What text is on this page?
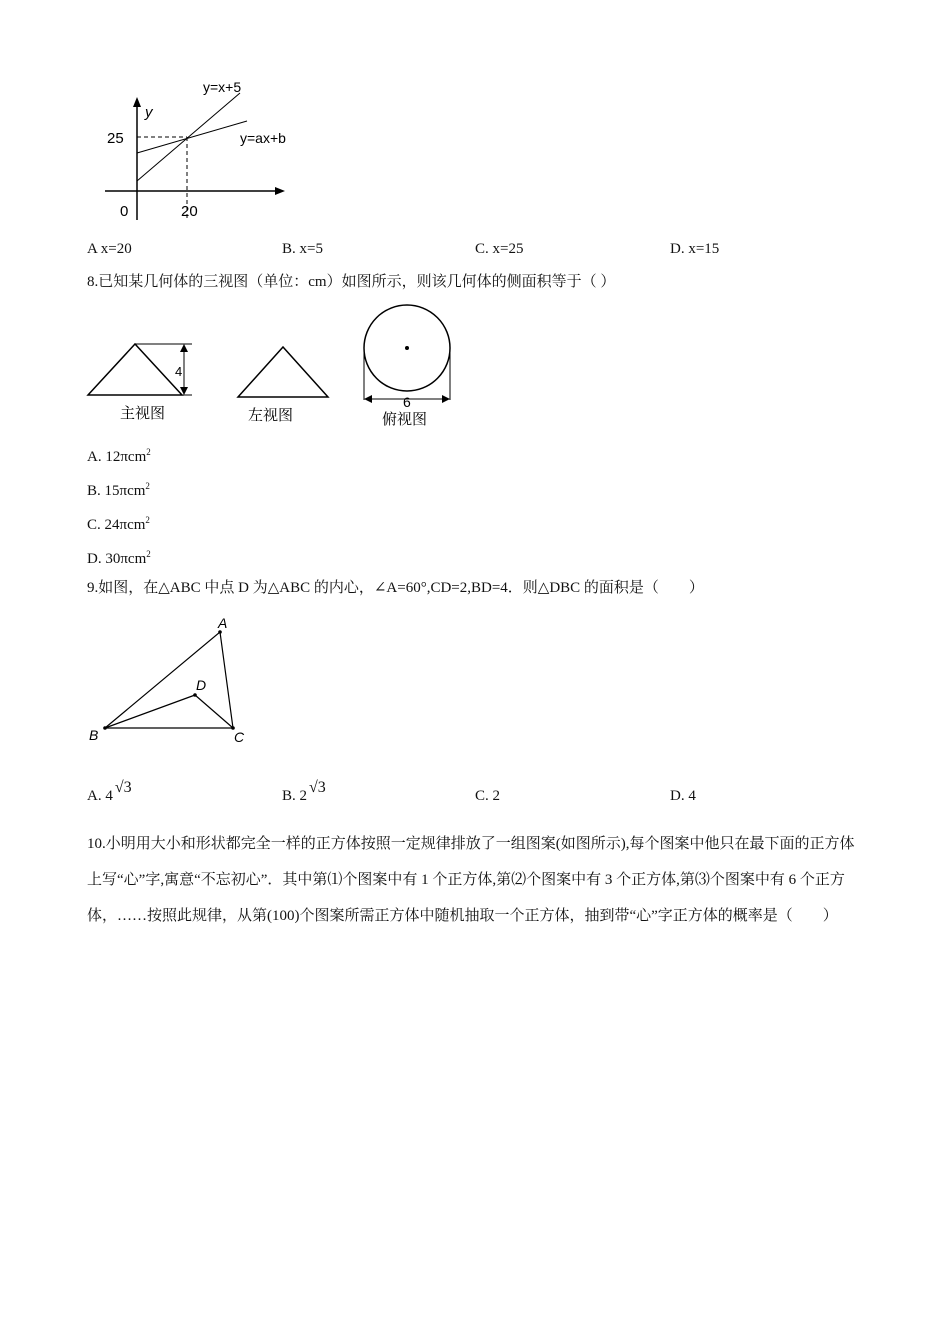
y
y=x+5
y=ax+b
25
0	20
A x=20	B. x=5	C. x=25	D. x=15
8.已知某几何体的三视图（单位：cm）如图所示，则该几何体的侧面积等于（ ）
4
主视图	左视图
6
俯视图
A. 12πcm$^2$
B. 15πcm$^2$
C. 24πcm$^2$
D. 30πcm$^2$
9.如图，在△ABC 中点 D 为△ABC 的内心，∠A=60°,CD=2,BD=4．则△DBC 的面积是（　　）
A
B	C
D
A. 4 √3	B. 2 √3	C. 2	D. 4
10.小明用大小和形状都完全一样的正方体按照一定规律排放了一组图案(如图所示),每个图案中他只在最下面的正方体上写“心”字,寓意“不忘初心”．其中第⑴个图案中有 1 个正方体,第⑵个图案中有 3 个正方体,第⑶个图案中有 6 个正方体，……按照此规律，从第(100)个图案所需正方体中随机抽取一个正方体，抽到带“心”字正方体的概率是（　　）
